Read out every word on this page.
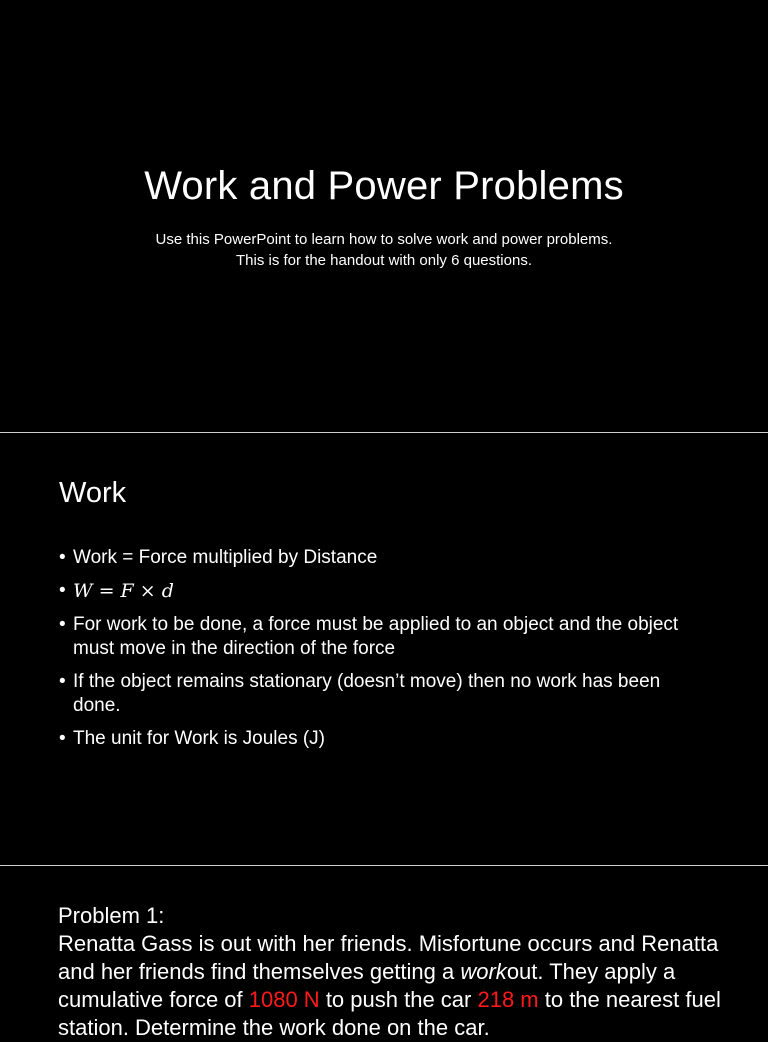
Work and Power Problems
Use this PowerPoint to learn how to solve work and power problems.
This is for the handout with only 6 questions.
Work
• Work = Force multiplied by Distance
• W = F × d
• For work to be done, a force must be applied to an object and the object must move in the direction of the force
• If the object remains stationary (doesn’t move) then no work has been done.
• The unit for Work is Joules (J)

Problem 1:

Renatta Gass is out with her friends. Misfortune occurs and Renatta and her friends find themselves getting a workout. They apply a cumulative force of 1080 N to push the car 218 m to the nearest fuel station. Determine the work done on the car.
